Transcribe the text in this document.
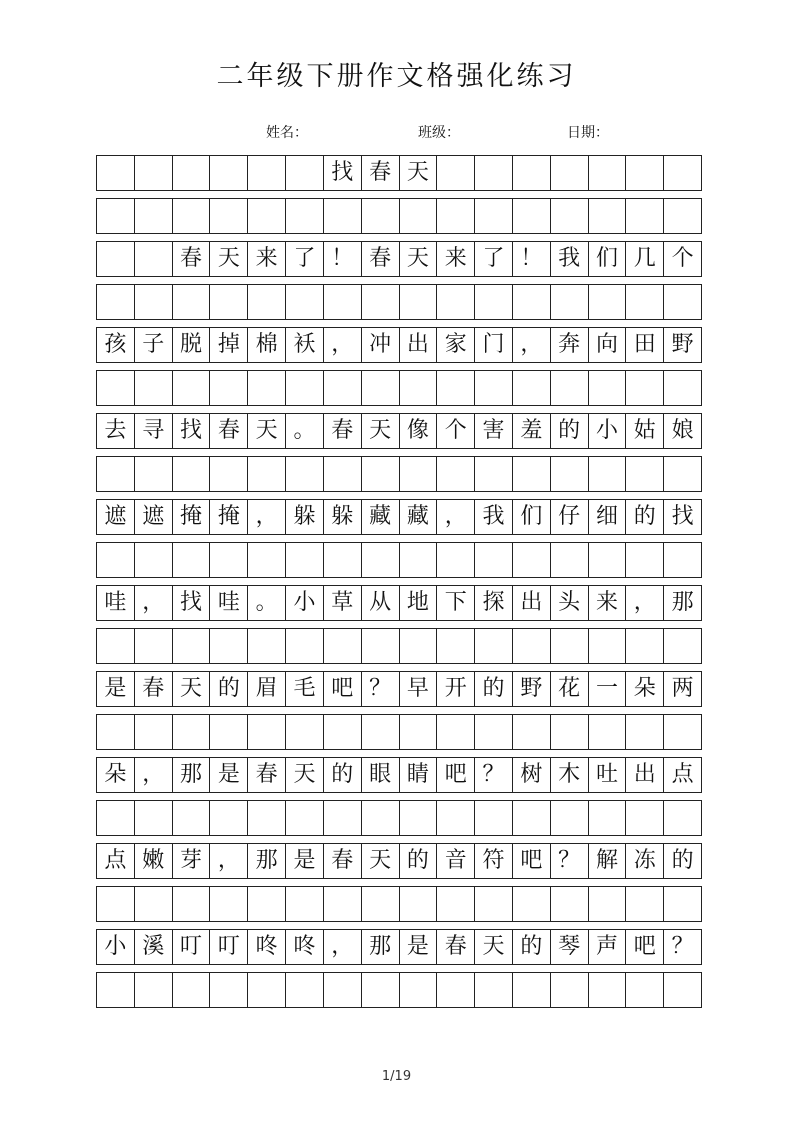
二年级下册作文格强化练习
姓名：	班级：	日期：
找 春 天
春 天 来 了 ！ 春 天 来 了 ！ 我 们 几 个
孩 子 脱 掉 棉 袄 ， 冲 出 家 门 ， 奔 向 田 野
去 寻 找 春 天 。 春 天 像 个 害 羞 的 小 姑 娘
遮 遮 掩 掩 ， 躲 躲 藏 藏 ， 我 们 仔 细 的 找
哇 ， 找 哇 。 小 草 从 地 下 探 出 头 来 ， 那
是 春 天 的 眉 毛 吧 ？ 早 开 的 野 花 一 朵 两
朵 ， 那 是 春 天 的 眼 睛 吧 ？ 树 木 吐 出 点
点 嫩 芽 ， 那 是 春 天 的 音 符 吧 ？ 解 冻 的
小 溪 叮 叮 咚 咚 ， 那 是 春 天 的 琴 声 吧 ？
1/19
